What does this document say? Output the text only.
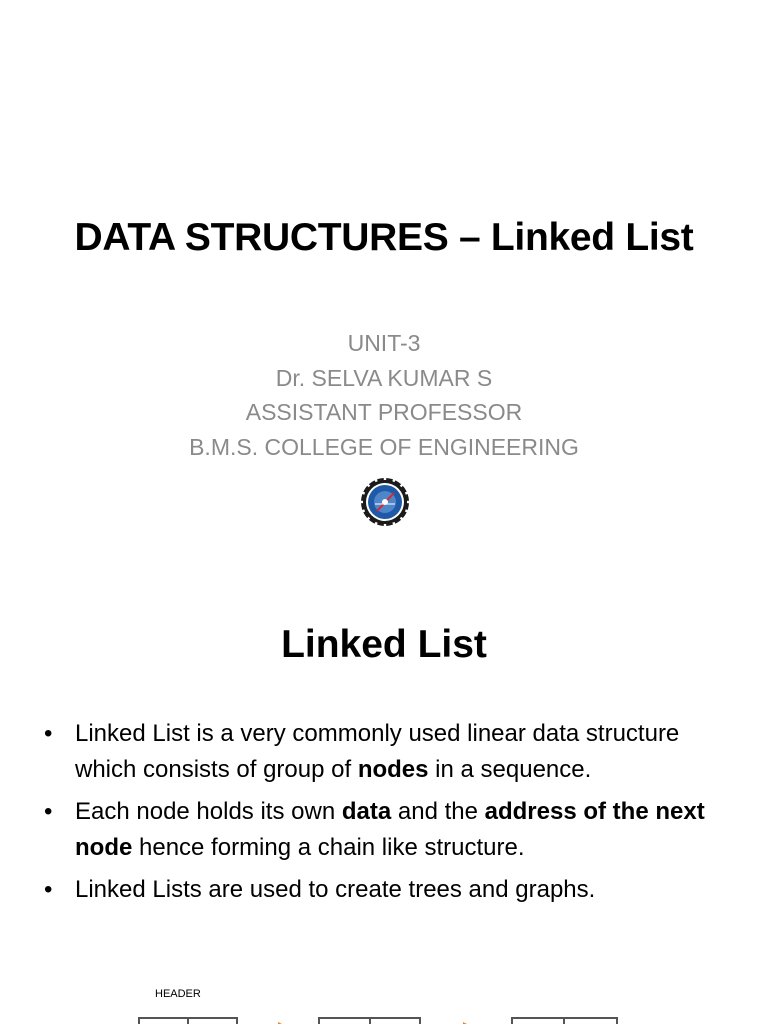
DATA STRUCTURES – Linked List
UNIT-3
Dr. SELVA KUMAR S
ASSISTANT PROFESSOR
B.M.S. COLLEGE OF ENGINEERING
Linked List
• Linked List is a very commonly used linear data structure which consists of group of nodes in a sequence.
• Each node holds its own data and the address of the next node hence forming a chain like structure.
• Linked Lists are used to create trees and graphs.
HEADER
